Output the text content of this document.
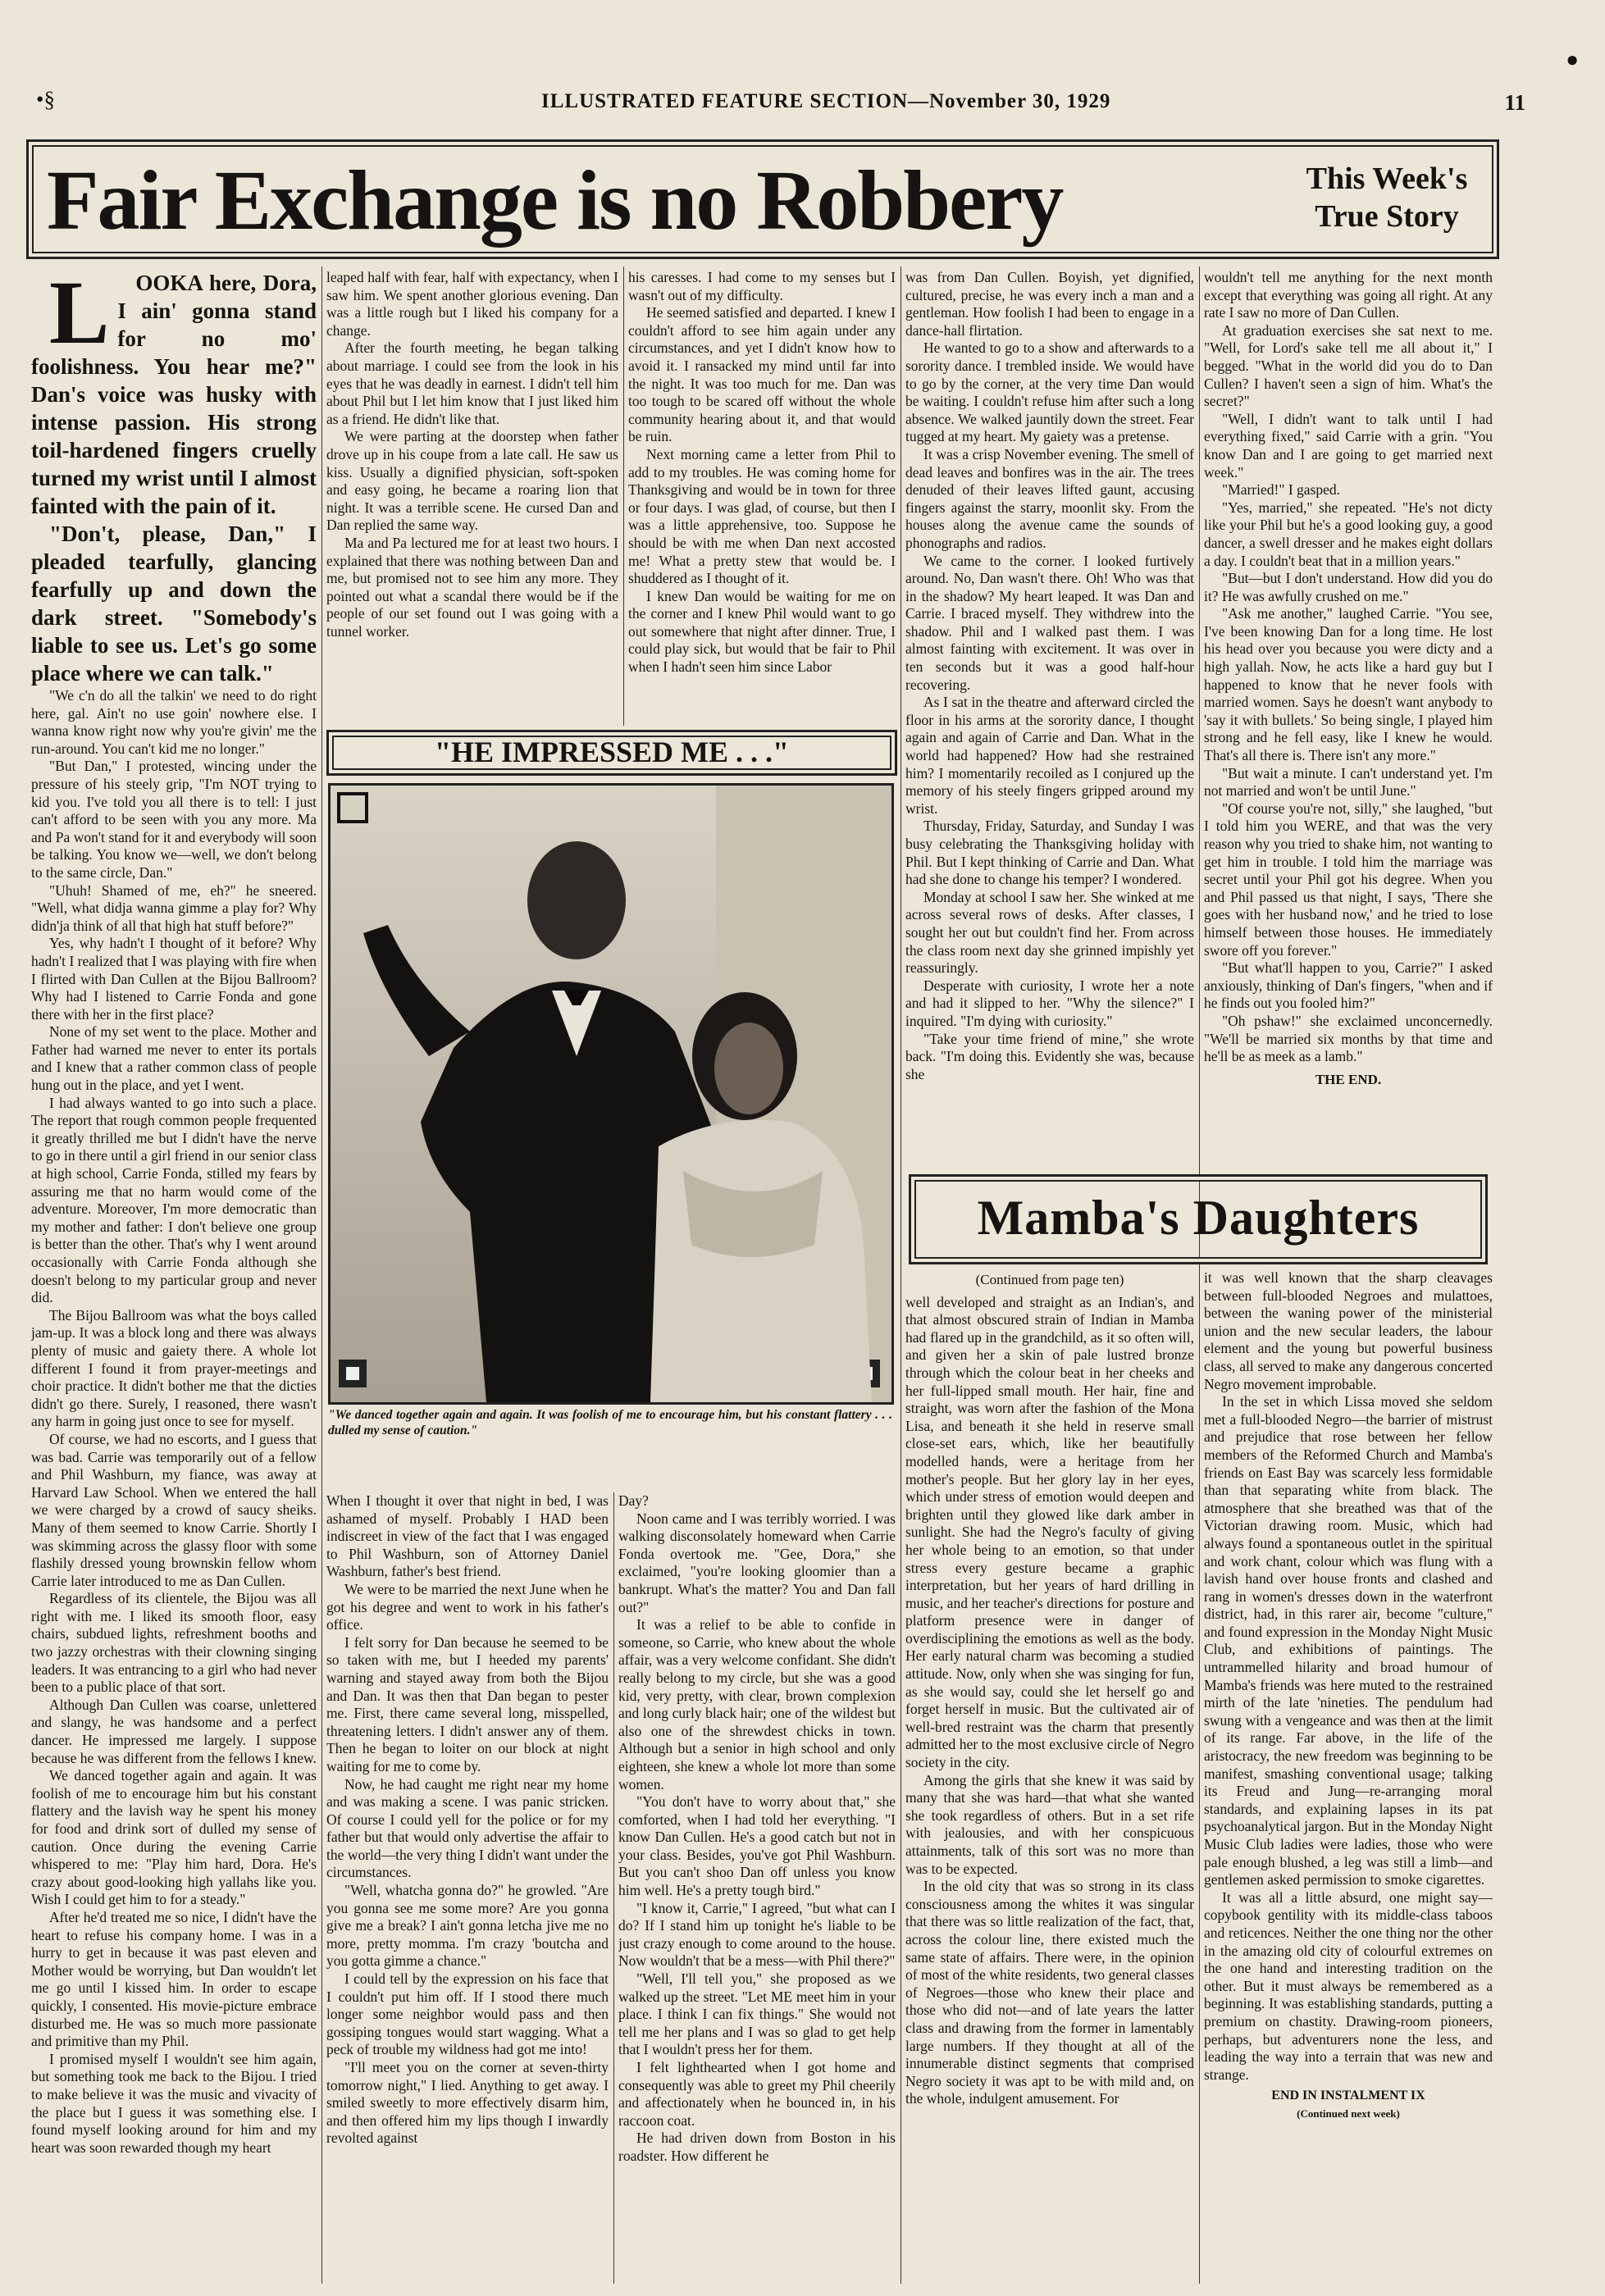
●
•§	ILLUSTRATED FEATURE SECTION—November 30, 1929	11
Fair Exchange is no Robbery	This Week's
True Story

L OOKA here, Dora, I ain' gonna stand for no mo' foolishness. You hear me?" Dan's voice was husky with intense passion. His strong toil-hardened fingers cruelly turned my wrist until I almost fainted with the pain of it.

"Don't, please, Dan," I pleaded tearfully, glancing fearfully up and down the dark street. "Somebody's liable to see us. Let's go some place where we can talk."

"We c'n do all the talkin' we need to do right here, gal. Ain't no use goin' nowhere else. I wanna know right now why you're givin' me the run-around. You can't kid me no longer."

"But Dan," I protested, wincing under the pressure of his steely grip, "I'm NOT trying to kid you. I've told you all there is to tell: I just can't afford to be seen with you any more. Ma and Pa won't stand for it and everybody will soon be talking. You know we—well, we don't belong to the same circle, Dan."

"Uhuh! Shamed of me, eh?" he sneered. "Well, what didja wanna gimme a play for? Why didn'ja think of all that high hat stuff before?"

Yes, why hadn't I thought of it before? Why hadn't I realized that I was playing with fire when I flirted with Dan Cullen at the Bijou Ballroom? Why had I listened to Carrie Fonda and gone there with her in the first place?

None of my set went to the place. Mother and Father had warned me never to enter its portals and I knew that a rather common class of people hung out in the place, and yet I went.

I had always wanted to go into such a place. The report that rough common people frequented it greatly thrilled me but I didn't have the nerve to go in there until a girl friend in our senior class at high school, Carrie Fonda, stilled my fears by assuring me that no harm would come of the adventure. Moreover, I'm more democratic than my mother and father: I don't believe one group is better than the other. That's why I went around occasionally with Carrie Fonda although she doesn't belong to my particular group and never did.

The Bijou Ballroom was what the boys called jam-up. It was a block long and there was always plenty of music and gaiety there. A whole lot different I found it from prayer-meetings and choir practice. It didn't bother me that the dicties didn't go there. Surely, I reasoned, there wasn't any harm in going just once to see for myself.

Of course, we had no escorts, and I guess that was bad. Carrie was temporarily out of a fellow and Phil Washburn, my fiance, was away at Harvard Law School. When we entered the hall we were charged by a crowd of saucy sheiks. Many of them seemed to know Carrie. Shortly I was skimming across the glassy floor with some flashily dressed young brownskin fellow whom Carrie later introduced to me as Dan Cullen.

Regardless of its clientele, the Bijou was all right with me. I liked its smooth floor, easy chairs, subdued lights, refreshment booths and two jazzy orchestras with their clowning singing leaders. It was entrancing to a girl who had never been to a public place of that sort.

Although Dan Cullen was coarse, unlettered and slangy, he was handsome and a perfect dancer. He impressed me largely. I suppose because he was different from the fellows I knew.

We danced together again and again. It was foolish of me to encourage him but his constant flattery and the lavish way he spent his money for food and drink sort of dulled my sense of caution. Once during the evening Carrie whispered to me: "Play him hard, Dora. He's crazy about good-looking high yallahs like you. Wish I could get him to for a steady."

After he'd treated me so nice, I didn't have the heart to refuse his company home. I was in a hurry to get in because it was past eleven and Mother would be worrying, but Dan wouldn't let me go until I kissed him. In order to escape quickly, I consented. His movie-picture embrace disturbed me. He was so much more passionate and primitive than my Phil.

I promised myself I wouldn't see him again, but something took me back to the Bijou. I tried to make believe it was the music and vivacity of the place but I guess it was something else. I found myself looking around for him and my heart was soon rewarded though my heart

leaped half with fear, half with expectancy, when I saw him. We spent another glorious evening. Dan was a little rough but I liked his company for a change.

After the fourth meeting, he began talking about marriage. I could see from the look in his eyes that he was deadly in earnest. I didn't tell him about Phil but I let him know that I just liked him as a friend. He didn't like that.

We were parting at the doorstep when father drove up in his coupe from a late call. He saw us kiss. Usually a dignified physician, soft-spoken and easy going, he became a roaring lion that night. It was a terrible scene. He cursed Dan and Dan replied the same way.

Ma and Pa lectured me for at least two hours. I explained that there was nothing between Dan and me, but promised not to see him any more. They pointed out what a scandal there would be if the people of our set found out I was going with a tunnel worker.

his caresses. I had come to my senses but I wasn't out of my difficulty.

He seemed satisfied and departed. I knew I couldn't afford to see him again under any circumstances, and yet I didn't know how to avoid it. I ransacked my mind until far into the night. It was too much for me. Dan was too tough to be scared off without the whole community hearing about it, and that would be ruin.

Next morning came a letter from Phil to add to my troubles. He was coming home for Thanksgiving and would be in town for three or four days. I was glad, of course, but then I was a little apprehensive, too. Suppose he should be with me when Dan next accosted me! What a pretty stew that would be. I shuddered as I thought of it.

I knew Dan would be waiting for me on the corner and I knew Phil would want to go out somewhere that night after dinner. True, I could play sick, but would that be fair to Phil when I hadn't seen him since Labor

"HE IMPRESSED ME . . ."
"We danced together again and again. It was foolish of me to encourage him, but his constant flattery . . . dulled my sense of caution."

When I thought it over that night in bed, I was ashamed of myself. Probably I HAD been indiscreet in view of the fact that I was engaged to Phil Washburn, son of Attorney Daniel Washburn, father's best friend.

We were to be married the next June when he got his degree and went to work in his father's office.

I felt sorry for Dan because he seemed to be so taken with me, but I heeded my parents' warning and stayed away from both the Bijou and Dan. It was then that Dan began to pester me. First, there came several long, misspelled, threatening letters. I didn't answer any of them. Then he began to loiter on our block at night waiting for me to come by.

Now, he had caught me right near my home and was making a scene. I was panic stricken. Of course I could yell for the police or for my father but that would only advertise the affair to the world—the very thing I didn't want under the circumstances.

"Well, whatcha gonna do?" he growled. "Are you gonna see me some more? Are you gonna give me a break? I ain't gonna letcha jive me no more, pretty momma. I'm crazy 'boutcha and you gotta gimme a chance."

I could tell by the expression on his face that I couldn't put him off. If I stood there much longer some neighbor would pass and then gossiping tongues would start wagging. What a peck of trouble my wildness had got me into!

"I'll meet you on the corner at seven-thirty tomorrow night," I lied. Anything to get away. I smiled sweetly to more effectively disarm him, and then offered him my lips though I inwardly revolted against

Day?

Noon came and I was terribly worried. I was walking disconsolately homeward when Carrie Fonda overtook me. "Gee, Dora," she exclaimed, "you're looking gloomier than a bankrupt. What's the matter? You and Dan fall out?"

It was a relief to be able to confide in someone, so Carrie, who knew about the whole affair, was a very welcome confidant. She didn't really belong to my circle, but she was a good kid, very pretty, with clear, brown complexion and long curly black hair; one of the wildest but also one of the shrewdest chicks in town. Although but a senior in high school and only eighteen, she knew a whole lot more than some women.

"You don't have to worry about that," she comforted, when I had told her everything. "I know Dan Cullen. He's a good catch but not in your class. Besides, you've got Phil Washburn. But you can't shoo Dan off unless you know him well. He's a pretty tough bird."

"I know it, Carrie," I agreed, "but what can I do? If I stand him up tonight he's liable to be just crazy enough to come around to the house. Now wouldn't that be a mess—with Phil there?"

"Well, I'll tell you," she proposed as we walked up the street. "Let ME meet him in your place. I think I can fix things." She would not tell me her plans and I was so glad to get help that I wouldn't press her for them.

I felt lighthearted when I got home and consequently was able to greet my Phil cheerily and affectionately when he bounced in, in his raccoon coat.

He had driven down from Boston in his roadster. How different he

was from Dan Cullen. Boyish, yet dignified, cultured, precise, he was every inch a man and a gentleman. How foolish I had been to engage in a dance-hall flirtation.

He wanted to go to a show and afterwards to a sorority dance. I trembled inside. We would have to go by the corner, at the very time Dan would be waiting. I couldn't refuse him after such a long absence. We walked jauntily down the street. Fear tugged at my heart. My gaiety was a pretense.

It was a crisp November evening. The smell of dead leaves and bonfires was in the air. The trees denuded of their leaves lifted gaunt, accusing fingers against the starry, moonlit sky. From the houses along the avenue came the sounds of phonographs and radios.

We came to the corner. I looked furtively around. No, Dan wasn't there. Oh! Who was that in the shadow? My heart leaped. It was Dan and Carrie. I braced myself. They withdrew into the shadow. Phil and I walked past them. I was almost fainting with excitement. It was over in ten seconds but it was a good half-hour recovering.

As I sat in the theatre and afterward circled the floor in his arms at the sorority dance, I thought again and again of Carrie and Dan. What in the world had happened? How had she restrained him? I momentarily recoiled as I conjured up the memory of his steely fingers gripped around my wrist.

Thursday, Friday, Saturday, and Sunday I was busy celebrating the Thanksgiving holiday with Phil. But I kept thinking of Carrie and Dan. What had she done to change his temper? I wondered.

Monday at school I saw her. She winked at me across several rows of desks. After classes, I sought her out but couldn't find her. From across the class room next day she grinned impishly yet reassuringly.

Desperate with curiosity, I wrote her a note and had it slipped to her. "Why the silence?" I inquired. "I'm dying with curiosity."

"Take your time friend of mine," she wrote back. "I'm doing this. Evidently she was, because she

wouldn't tell me anything for the next month except that everything was going all right. At any rate I saw no more of Dan Cullen.

At graduation exercises she sat next to me. "Well, for Lord's sake tell me all about it," I begged. "What in the world did you do to Dan Cullen? I haven't seen a sign of him. What's the secret?"

"Well, I didn't want to talk until I had everything fixed," said Carrie with a grin. "You know Dan and I are going to get married next week."

"Married!" I gasped.

"Yes, married," she repeated. "He's not dicty like your Phil but he's a good looking guy, a good dancer, a swell dresser and he makes eight dollars a day. I couldn't beat that in a million years."

"But—but I don't understand. How did you do it? He was awfully crushed on me."

"Ask me another," laughed Carrie. "You see, I've been knowing Dan for a long time. He lost his head over you because you were dicty and a high yallah. Now, he acts like a hard guy but I happened to know that he never fools with married women. Says he doesn't want anybody to 'say it with bullets.' So being single, I played him strong and he fell easy, like I knew he would. That's all there is. There isn't any more."

"But wait a minute. I can't understand yet. I'm not married and won't be until June."

"Of course you're not, silly," she laughed, "but I told him you WERE, and that was the very reason why you tried to shake him, not wanting to get him in trouble. I told him the marriage was secret until your Phil got his degree. When you and Phil passed us that night, I says, 'There she goes with her husband now,' and he tried to lose himself between those houses. He immediately swore off you forever."

"But what'll happen to you, Carrie?" I asked anxiously, thinking of Dan's fingers, "when and if he finds out you fooled him?"

"Oh pshaw!" she exclaimed unconcernedly. "We'll be married six months by that time and he'll be as meek as a lamb."

THE END.
Mamba's Daughters
(Continued from page ten)

well developed and straight as an Indian's, and that almost obscured strain of Indian in Mamba had flared up in the grandchild, as it so often will, and given her a skin of pale lustred bronze through which the colour beat in her cheeks and her full-lipped small mouth. Her hair, fine and straight, was worn after the fashion of the Mona Lisa, and beneath it she held in reserve small close-set ears, which, like her beautifully modelled hands, were a heritage from her mother's people. But her glory lay in her eyes, which under stress of emotion would deepen and brighten until they glowed like dark amber in sunlight. She had the Negro's faculty of giving her whole being to an emotion, so that under stress every gesture became a graphic interpretation, but her years of hard drilling in music, and her teacher's directions for posture and platform presence were in danger of overdisciplining the emotions as well as the body. Her early natural charm was becoming a studied attitude. Now, only when she was singing for fun, as she would say, could she let herself go and forget herself in music. But the cultivated air of well-bred restraint was the charm that presently admitted her to the most exclusive circle of Negro society in the city.

Among the girls that she knew it was said by many that she was hard—that what she wanted she took regardless of others. But in a set rife with jealousies, and with her conspicuous attainments, talk of this sort was no more than was to be expected.

In the old city that was so strong in its class consciousness among the whites it was singular that there was so little realization of the fact, that, across the colour line, there existed much the same state of affairs. There were, in the opinion of most of the white residents, two general classes of Negroes—those who knew their place and those who did not—and of late years the latter class and drawing from the former in lamentably large numbers. If they thought at all of the innumerable distinct segments that comprised Negro society it was apt to be with mild and, on the whole, indulgent amusement. For

it was well known that the sharp cleavages between full-blooded Negroes and mulattoes, between the waning power of the ministerial union and the new secular leaders, the labour element and the young but powerful business class, all served to make any dangerous concerted Negro movement improbable.

In the set in which Lissa moved she seldom met a full-blooded Negro—the barrier of mistrust and prejudice that rose between her fellow members of the Reformed Church and Mamba's friends on East Bay was scarcely less formidable than that separating white from black. The atmosphere that she breathed was that of the Victorian drawing room. Music, which had always found a spontaneous outlet in the spiritual and work chant, colour which was flung with a lavish hand over house fronts and clashed and rang in women's dresses down in the waterfront district, had, in this rarer air, become "culture," and found expression in the Monday Night Music Club, and exhibitions of paintings. The untrammelled hilarity and broad humour of Mamba's friends was here muted to the restrained mirth of the late 'nineties. The pendulum had swung with a vengeance and was then at the limit of its range. Far above, in the life of the aristocracy, the new freedom was beginning to be manifest, smashing conventional usage; talking its Freud and Jung—re-arranging moral standards, and explaining lapses in its pat psychoanalytical jargon. But in the Monday Night Music Club ladies were ladies, those who were pale enough blushed, a leg was still a limb—and gentlemen asked permission to smoke cigarettes.

It was all a little absurd, one might say—copybook gentility with its middle-class taboos and reticences. Neither the one thing nor the other in the amazing old city of colourful extremes on the one hand and interesting tradition on the other. But it must always be remembered as a beginning. It was establishing standards, putting a premium on chastity. Drawing-room pioneers, perhaps, but adventurers none the less, and leading the way into a terrain that was new and strange.

END IN INSTALMENT IX
(Continued next week)
